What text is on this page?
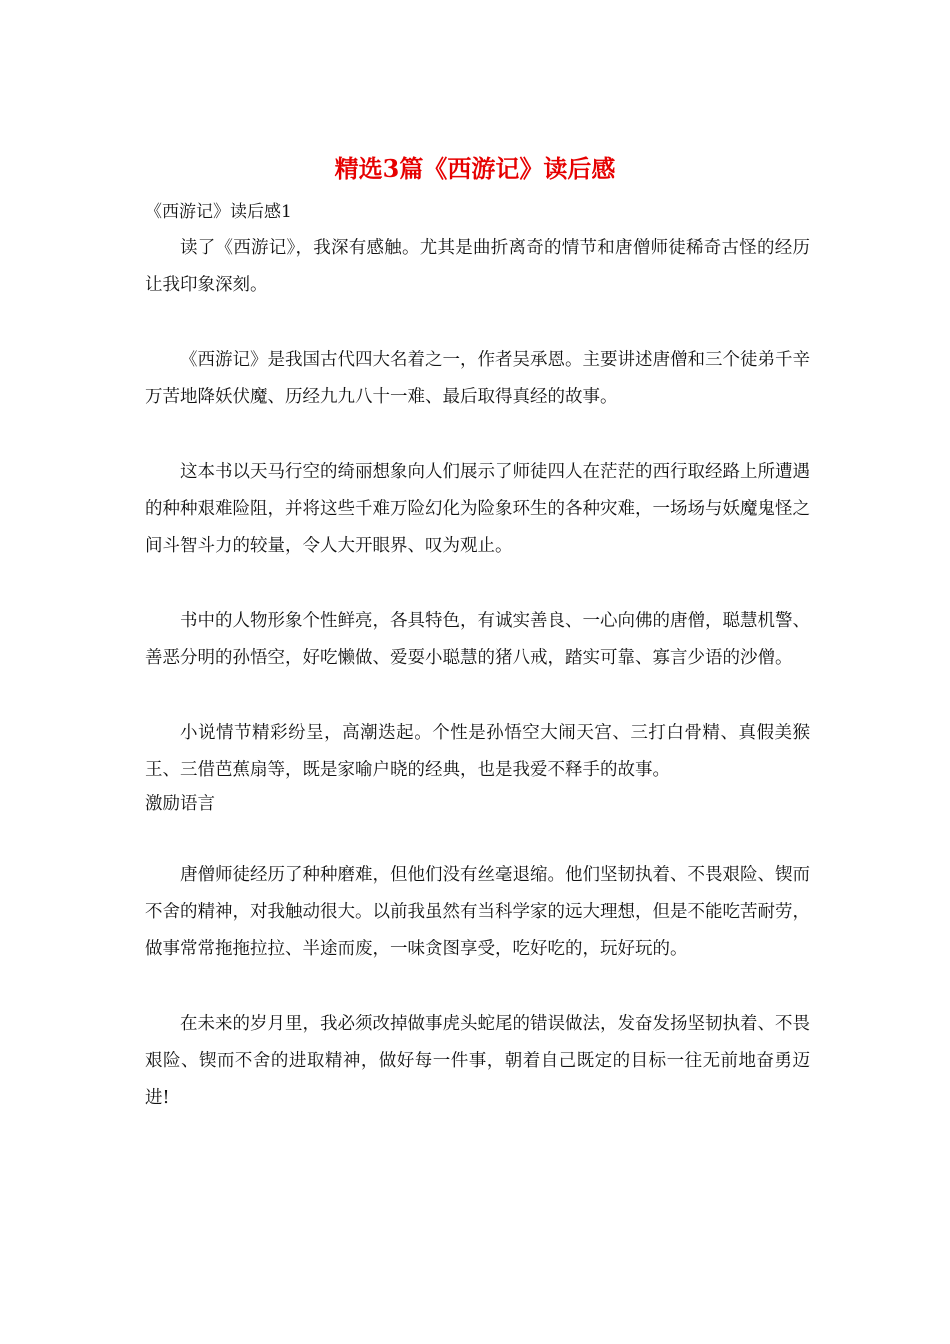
精选3篇《西游记》读后感

《西游记》读后感1

读了《西游记》，我深有感触。尤其是曲折离奇的情节和唐僧师徒稀奇古怪的经历让我印象深刻。

《西游记》是我国古代四大名着之一，作者吴承恩。主要讲述唐僧和三个徒弟千辛万苦地降妖伏魔、历经九九八十一难、最后取得真经的故事。

这本书以天马行空的绮丽想象向人们展示了师徒四人在茫茫的西行取经路上所遭遇的种种艰难险阻，并将这些千难万险幻化为险象环生的各种灾难，一场场与妖魔鬼怪之间斗智斗力的较量，令人大开眼界、叹为观止。

书中的人物形象个性鲜亮，各具特色，有诚实善良、一心向佛的唐僧，聪慧机警、善恶分明的孙悟空，好吃懒做、爱耍小聪慧的猪八戒，踏实可靠、寡言少语的沙僧。

小说情节精彩纷呈，高潮迭起。个性是孙悟空大闹天宫、三打白骨精、真假美猴王、三借芭蕉扇等，既是家喻户晓的经典，也是我爱不释手的故事。

激励语言

唐僧师徒经历了种种磨难，但他们没有丝毫退缩。他们坚韧执着、不畏艰险、锲而不舍的精神，对我触动很大。以前我虽然有当科学家的远大理想，但是不能吃苦耐劳，做事常常拖拖拉拉、半途而废，一味贪图享受，吃好吃的，玩好玩的。

在未来的岁月里，我必须改掉做事虎头蛇尾的错误做法，发奋发扬坚韧执着、不畏艰险、锲而不舍的进取精神，做好每一件事，朝着自己既定的目标一往无前地奋勇迈进!
